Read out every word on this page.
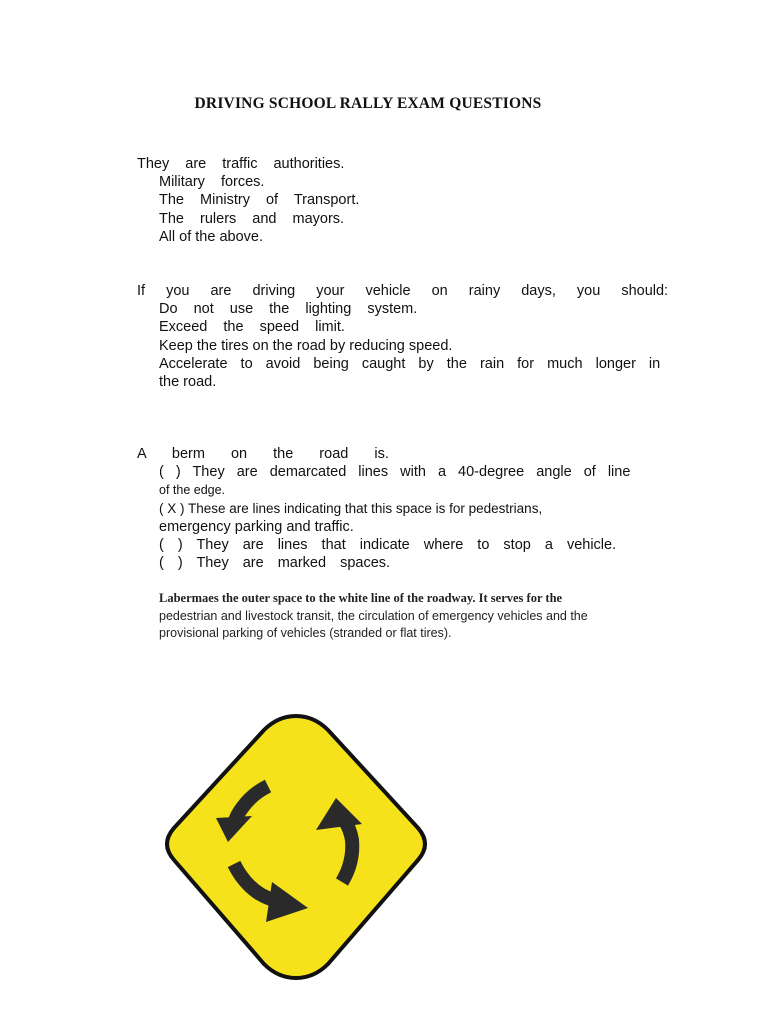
DRIVING SCHOOL RALLY EXAM QUESTIONS
They are traffic authorities.
Military forces.
The Ministry of Transport.
The rulers and mayors.
All of the above.
If you are driving your vehicle on rainy days, you should:
Do not use the lighting system.
Exceed the speed limit.
Keep the tires on the road by reducing speed.
Accelerate to avoid being caught by the rain for much longer in
the road.
A berm on the road is.
( ) They are demarcated lines with a 40-degree angle of line
of the edge.
( X ) These are lines indicating that this space is for pedestrians,
emergency parking and traffic.
( ) They are lines that indicate where to stop a vehicle.
( ) They are marked spaces.
Labermaes the outer space to the white line of the roadway. It serves for the
pedestrian and livestock transit, the circulation of emergency vehicles and the
provisional parking of vehicles (stranded or flat tires).
